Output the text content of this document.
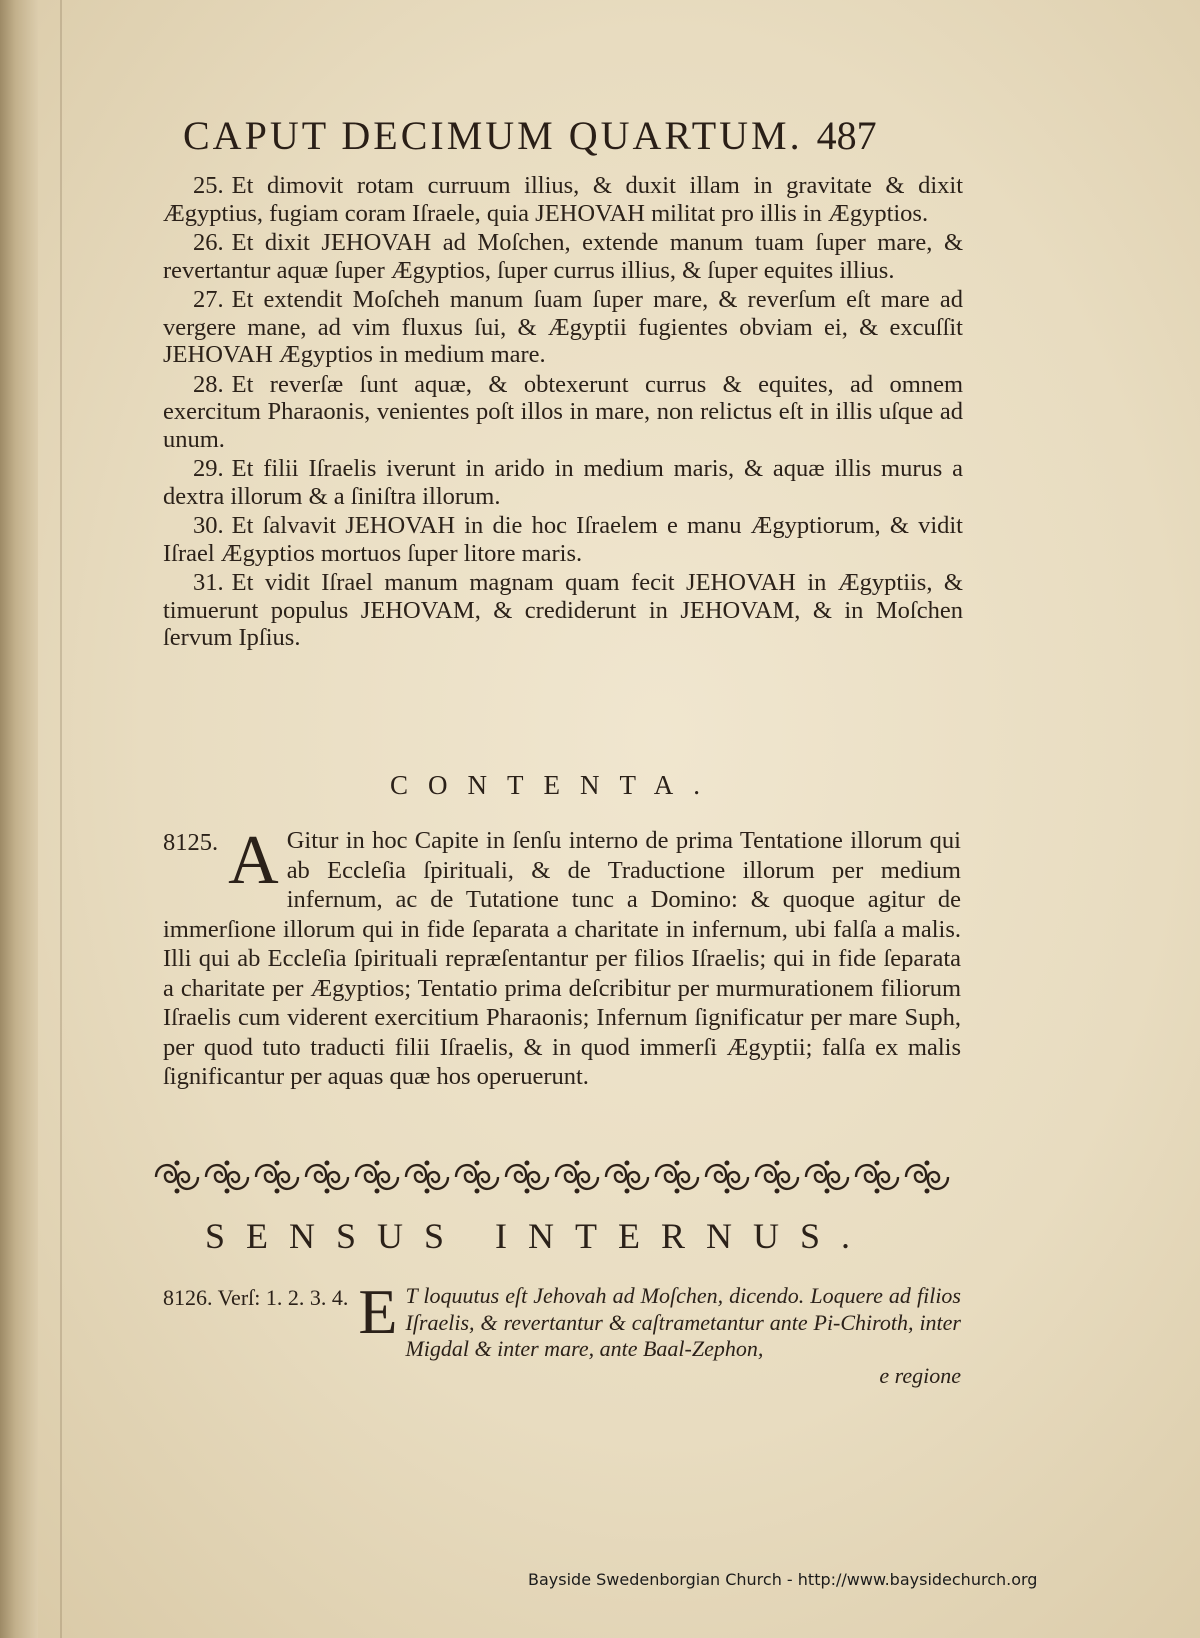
CAPUT DECIMUM QUARTUM. 487

25. Et dimovit rotam curruum illius, & duxit illam in gravitate & dixit Ægyptius, fugiam coram Iſraele, quia JEHOVAH militat pro illis in Ægyptios.

26. Et dixit JEHOVAH ad Moſchen, extende manum tuam ſuper mare, & revertantur aquæ ſuper Ægyptios, ſuper currus illius, & ſuper equites illius.

27. Et extendit Moſcheh manum ſuam ſuper mare, & reverſum eſt mare ad vergere mane, ad vim fluxus ſui, & Ægyptii fugientes obviam ei, & excuſſit JEHOVAH Ægyptios in medium mare.

28. Et reverſæ ſunt aquæ, & obtexerunt currus & equites, ad omnem exercitum Pharaonis, venientes poſt illos in mare, non relictus eſt in illis uſque ad unum.

29. Et filii Iſraelis iverunt in arido in medium maris, & aquæ illis murus a dextra illorum & a ſiniſtra illorum.

30. Et ſalvavit JEHOVAH in die hoc Iſraelem e manu Ægyptiorum, & vidit Iſrael Ægyptios mortuos ſuper litore maris.

31. Et vidit Iſrael manum magnam quam fecit JEHOVAH in Ægyptiis, & timuerunt populus JEHOVAM, & crediderunt in JEHOVAM, & in Moſchen ſervum Ipſius.

CONTENTA.
8125. A Gitur in hoc Capite in ſenſu interno de prima Tentatione illorum qui ab Eccleſia ſpirituali, & de Traductione illorum per medium infernum, ac de Tutatione tunc a Domino: & quoque agitur de immerſione illorum qui in fide ſeparata a charitate in infernum, ubi falſa a malis. Illi qui ab Eccleſia ſpirituali repræſentantur per filios Iſraelis; qui in fide ſeparata a charitate per Ægyptios; Tentatio prima deſcribitur per murmurationem filiorum Iſraelis cum viderent exercitium Pharaonis; Infernum ſignificatur per mare Suph, per quod tuto traducti filii Iſraelis, & in quod immerſi Ægyptii; falſa ex malis ſignificantur per aquas quæ hos operuerunt.
SENSUS INTERNUS.
8126. Verſ: 1. 2. 3. 4. E T loquutus eſt Jehovah ad Moſchen, dicendo. Loquere ad filios Iſraelis, & revertantur & caſtrametantur ante Pi-Chiroth, inter Migdal & inter mare, ante Baal-Zephon,
e regione
Bayside Swedenborgian Church - http://www.baysidechurch.org
